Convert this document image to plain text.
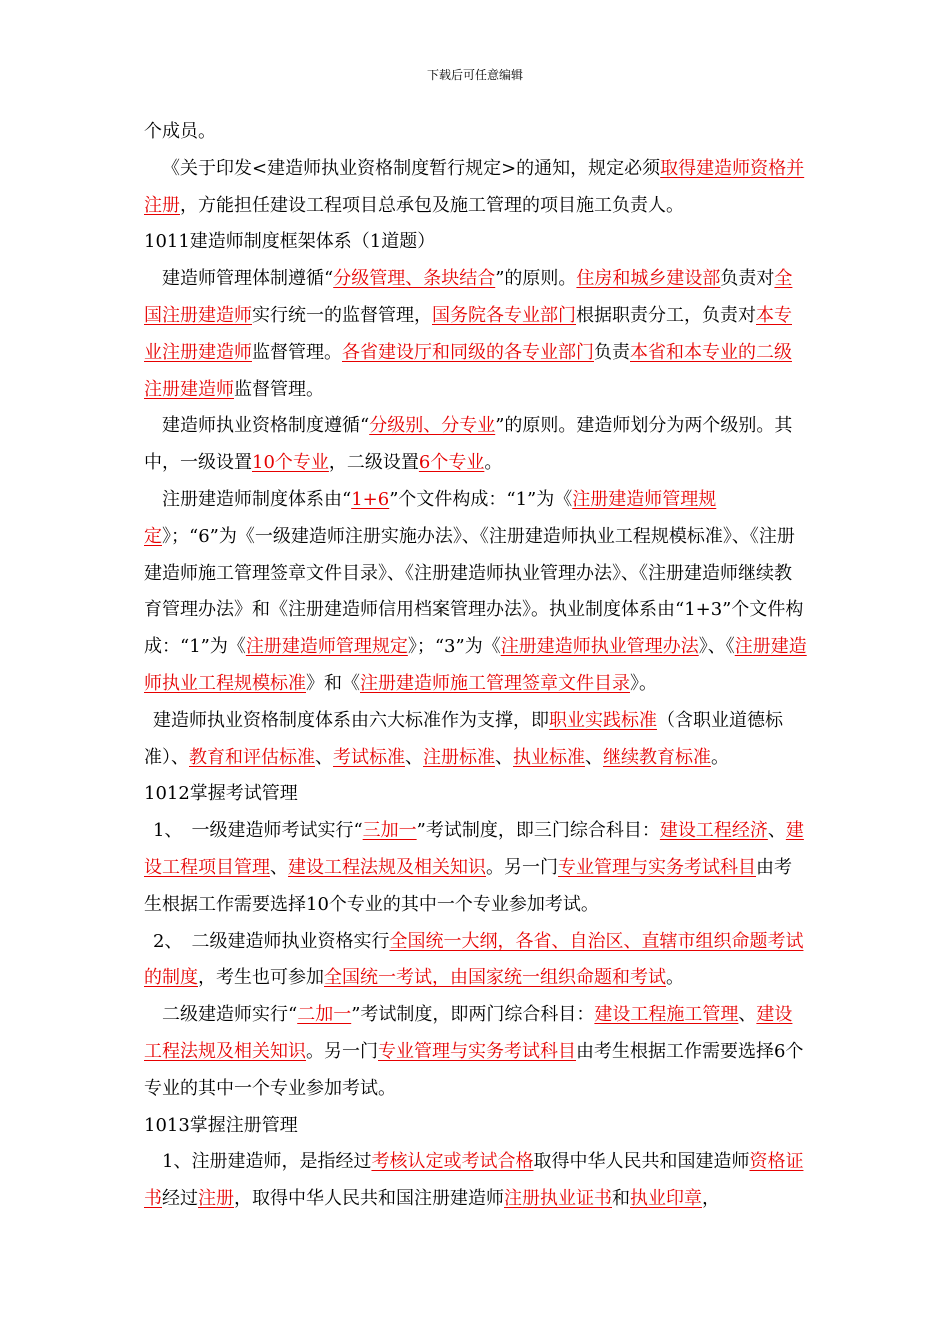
下载后可任意编辑

个成员。

《关于印发<建造师执业资格制度暂行规定>的通知，规定必须取得建造师资格并注册，方能担任建设工程项目总承包及施工管理的项目施工负责人。

1011建造师制度框架体系（1道题）

建造师管理体制遵循“分级管理、条块结合”的原则。住房和城乡建设部负责对全国注册建造师实行统一的监督管理，国务院各专业部门根据职责分工，负责对本专业注册建造师监督管理。各省建设厅和同级的各专业部门负责本省和本专业的二级注册建造师监督管理。

建造师执业资格制度遵循“分级别、分专业”的原则。建造师划分为两个级别。其中，一级设置10个专业，二级设置6个专业。

注册建造师制度体系由“1+6”个文件构成：“1”为《注册建造师管理规定》；“6”为《一级建造师注册实施办法》、《注册建造师执业工程规模标准》、《注册建造师施工管理签章文件目录》、《注册建造师执业管理办法》、《注册建造师继续教育管理办法》和《注册建造师信用档案管理办法》。执业制度体系由“1+3”个文件构成：“1”为《注册建造师管理规定》；“3”为《注册建造师执业管理办法》、《注册建造师执业工程规模标准》和《注册建造师施工管理签章文件目录》。

建造师执业资格制度体系由六大标准作为支撑，即职业实践标准（含职业道德标准）、教育和评估标准、考试标准、注册标准、执业标准、继续教育标准。

1012掌握考试管理

1、　一级建造师考试实行“三加一”考试制度，即三门综合科目：建设工程经济、建设工程项目管理、建设工程法规及相关知识。另一门专业管理与实务考试科目由考生根据工作需要选择10个专业的其中一个专业参加考试。

2、　二级建造师执业资格实行全国统一大纲，各省、自治区、直辖市组织命题考试的制度，考生也可参加全国统一考试，由国家统一组织命题和考试。

二级建造师实行“二加一”考试制度，即两门综合科目：建设工程施工管理、建设工程法规及相关知识。另一门专业管理与实务考试科目由考生根据工作需要选择6个专业的其中一个专业参加考试。

1013掌握注册管理

1、注册建造师，是指经过考核认定或考试合格取得中华人民共和国建造师资格证书经过注册，取得中华人民共和国注册建造师注册执业证书和执业印章，
